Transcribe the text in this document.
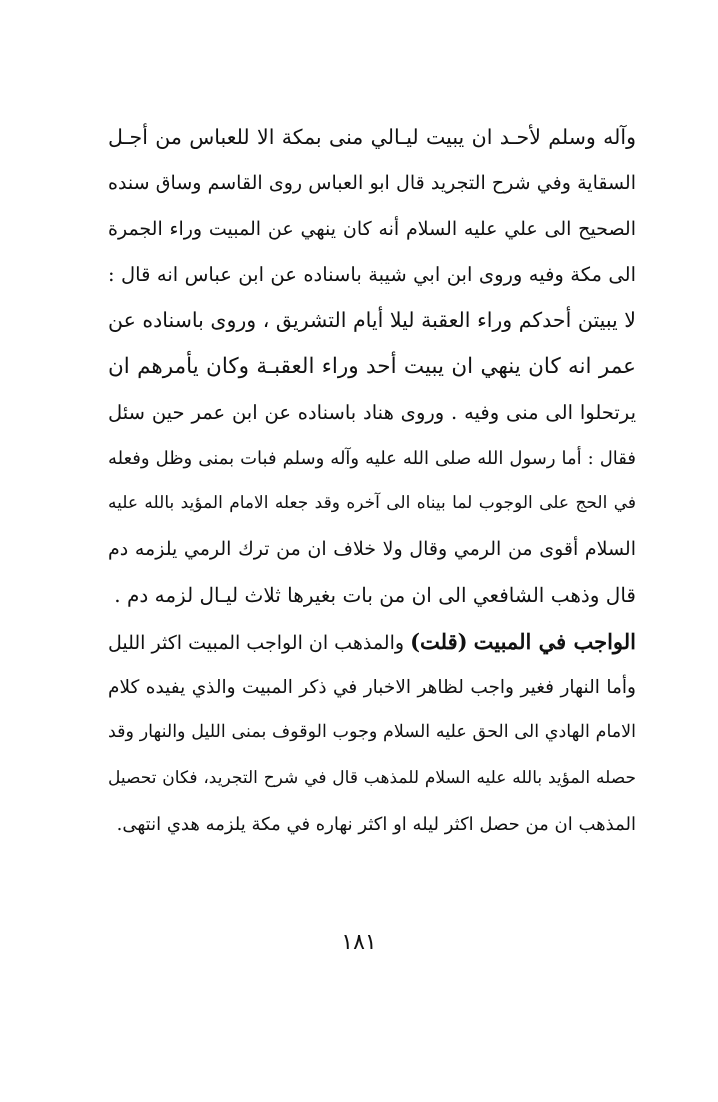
وآله وسلم لأحـد ان يبيت ليـالي منى بمكة الا للعباس من أجـل
السقاية وفي شرح التجريد قال ابو العباس روى القاسم وساق سنده
الصحيح الى علي عليه السلام أنه كان ينهي عن المبيت وراء الجمرة
الى مكة وفيه وروى ابن ابي شيبة باسناده عن ابن عباس انه قال :
لا يبيتن أحدكم وراء العقبة ليلا أيام التشريق ، وروى باسناده عن
عمر انه كان ينهي ان يبيت أحد وراء العقبـة وكان يأمرهم ان
يرتحلوا الى منى وفيه . وروى هناد باسناده عن ابن عمر حين سئل
فقال : أما رسول الله صلى الله عليه وآله وسلم فبات بمنى وظل وفعله
في الحج على الوجوب لما بيناه الى آخره وقد جعله الامام المؤيد بالله عليه
السلام أقوى من الرمي وقال ولا خلاف ان من ترك الرمي يلزمه دم
قال وذهب الشافعي الى ان من بات بغيرها ثلاث ليـال لزمه دم .
الواجب في المبيت (قلت) والمذهب ان الواجب المبيت اكثر الليل
وأما النهار فغير واجب لظاهر الاخبار في ذكر المبيت والذي يفيده كلام
الامام الهادي الى الحق عليه السلام وجوب الوقوف بمنى الليل والنهار وقد
حصله المؤيد بالله عليه السلام للمذهب قال في شرح التجريد، فكان تحصيل
المذهب ان من حصل اكثر ليله او اكثر نهاره في مكة يلزمه هدي انتهى.
١٨١
